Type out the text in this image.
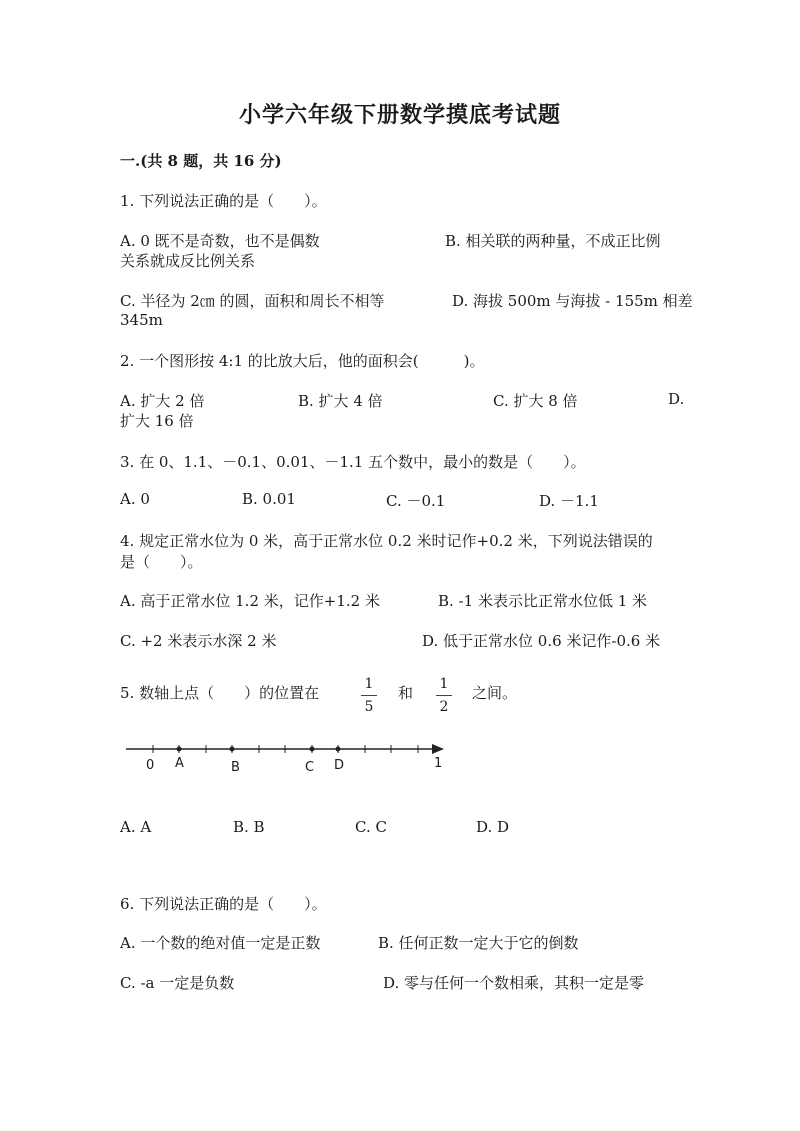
小学六年级下册数学摸底考试题
一.(共 8 题，共 16 分)
1. 下列说法正确的是（　　）。
A. 0 既不是奇数，也不是偶数	B. 相关联的两种量，不成正比例
关系就成反比例关系
C. 半径为 2㎝ 的圆，面积和周长不相等	D. 海拔 500m 与海拔 - 155m 相差
345m
2. 一个图形按 4:1 的比放大后，他的面积会(　　　)。
A. 扩大 2 倍	B. 扩大 4 倍	C. 扩大 8 倍	D.
扩大 16 倍
3. 在 0、1.1、－0.1、0.01、－1.1 五个数中，最小的数是（　　）。
A. 0	B. 0.01	C. －0.1	D. －1.1
4. 规定正常水位为 0 米，高于正常水位 0.2 米时记作+0.2 米，下列说法错误的
是（　　）。
A. 高于正常水位 1.2 米，记作+1.2 米	B. -1 米表示比正常水位低 1 米
C. +2 米表示水深 2 米	D. 低于正常水位 0.6 米记作-0.6 米
5. 数轴上点（　　）的位置在	1
5
和 1
2
之间。
0 A	B	C D	1
A. A	B. B	C. C	D. D
6. 下列说法正确的是（　　）。
A. 一个数的绝对值一定是正数	B. 任何正数一定大于它的倒数
C. -a 一定是负数	D. 零与任何一个数相乘，其积一定是零
